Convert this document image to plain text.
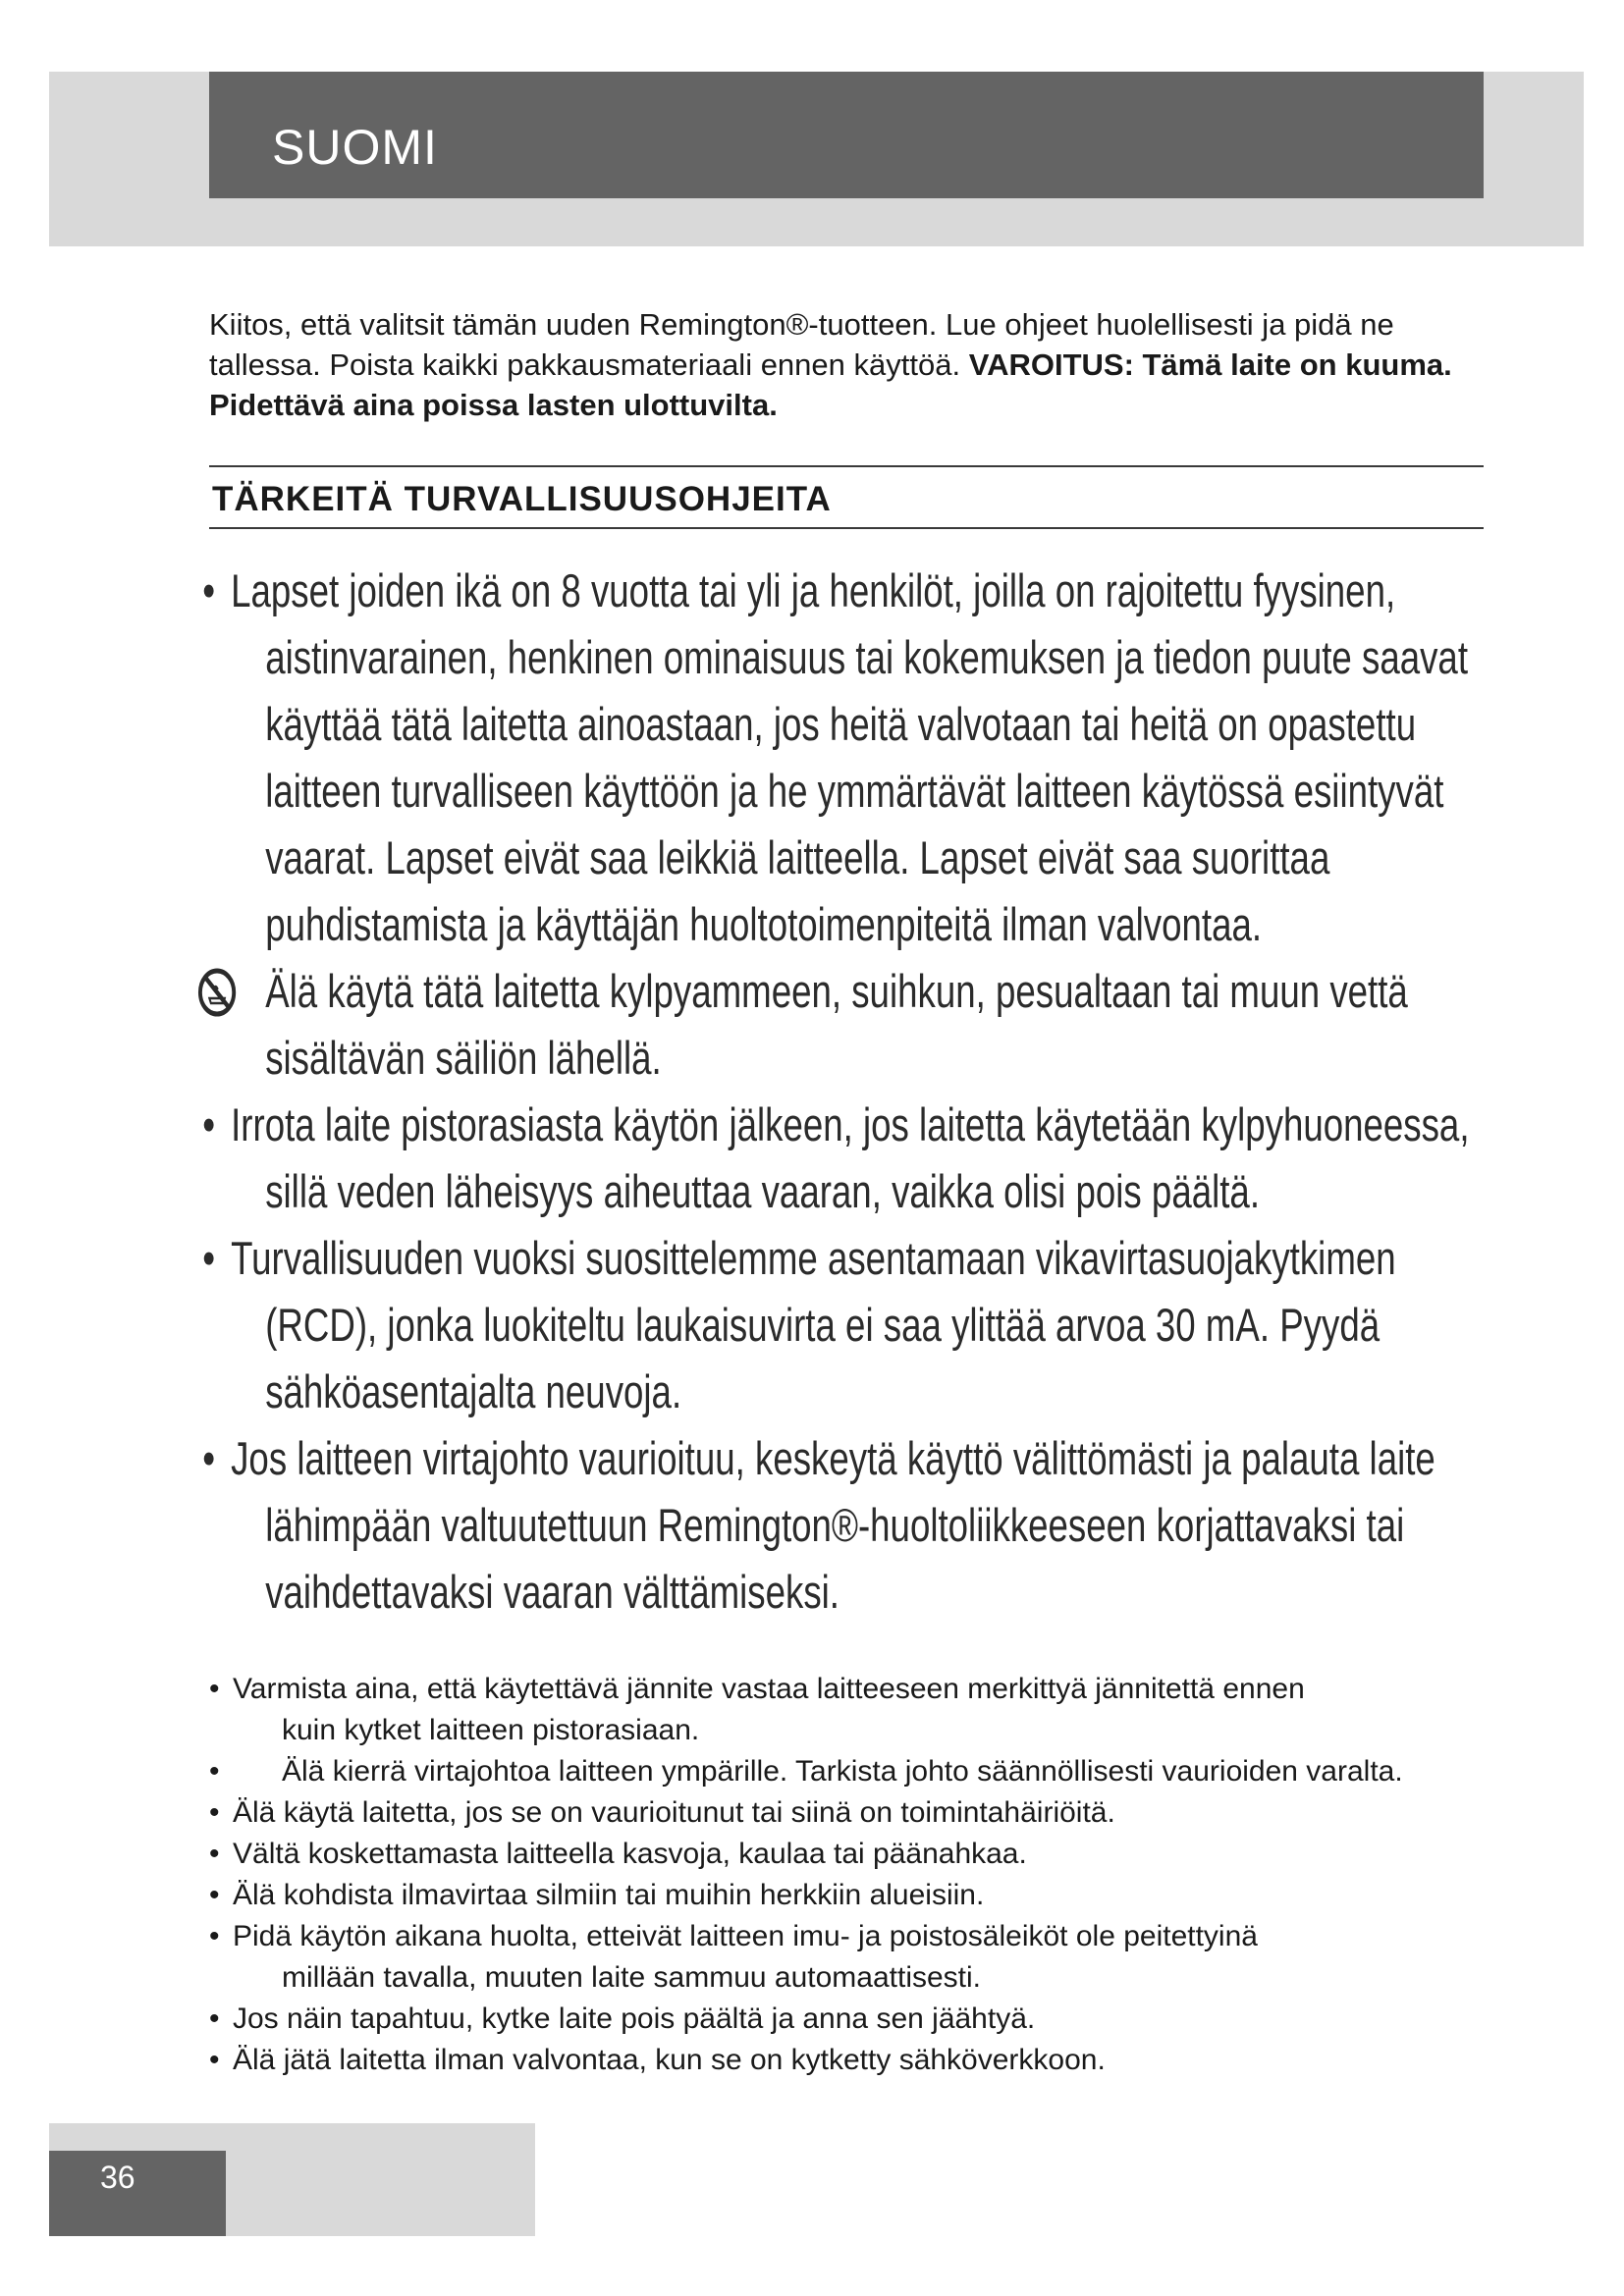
SUOMI
Kiitos, että valitsit tämän uuden Remington®-tuotteen. Lue ohjeet huolellisesti ja pidä ne
tallessa. Poista kaikki pakkausmateriaali ennen käyttöä. VAROITUS: Tämä laite on kuuma.
Pidettävä aina poissa lasten ulottuvilta.
TÄRKEITÄ TURVALLISUUSOHJEITA
• Lapset joiden ikä on 8 vuotta tai yli ja henkilöt, joilla on rajoitettu fyysinen,
aistinvarainen, henkinen ominaisuus tai kokemuksen ja tiedon puute saavat
käyttää tätä laitetta ainoastaan, jos heitä valvotaan tai heitä on opastettu
laitteen turvalliseen käyttöön ja he ymmärtävät laitteen käytössä esiintyvät
vaarat. Lapset eivät saa leikkiä laitteella. Lapset eivät saa suorittaa
puhdistamista ja käyttäjän huoltotoimenpiteitä ilman valvontaa.
Älä käytä tätä laitetta kylpyammeen, suihkun, pesualtaan tai muun vettä
sisältävän säiliön lähellä.
• Irrota laite pistorasiasta käytön jälkeen, jos laitetta käytetään kylpyhuoneessa,
sillä veden läheisyys aiheuttaa vaaran, vaikka olisi pois päältä.
• Turvallisuuden vuoksi suosittelemme asentamaan vikavirtasuojakytkimen
(RCD), jonka luokiteltu laukaisuvirta ei saa ylittää arvoa 30 mA. Pyydä
sähköasentajalta neuvoja.
• Jos laitteen virtajohto vaurioituu, keskeytä käyttö välittömästi ja palauta laite
lähimpään valtuutettuun Remington®-huoltoliikkeeseen korjattavaksi tai
vaihdettavaksi vaaran välttämiseksi.
• Varmista aina, että käytettävä jännite vastaa laitteeseen merkittyä jännitettä ennen
kuin kytket laitteen pistorasiaan.
•	Älä kierrä virtajohtoa laitteen ympärille. Tarkista johto säännöllisesti vaurioiden varalta.
• Älä käytä laitetta, jos se on vaurioitunut tai siinä on toimintahäiriöitä.
• Vältä koskettamasta laitteella kasvoja, kaulaa tai päänahkaa.
• Älä kohdista ilmavirtaa silmiin tai muihin herkkiin alueisiin.
• Pidä käytön aikana huolta, etteivät laitteen imu- ja poistosäleiköt ole peitettyinä
millään tavalla, muuten laite sammuu automaattisesti.
• Jos näin tapahtuu, kytke laite pois päältä ja anna sen jäähtyä.
• Älä jätä laitetta ilman valvontaa, kun se on kytketty sähköverkkoon.
36
